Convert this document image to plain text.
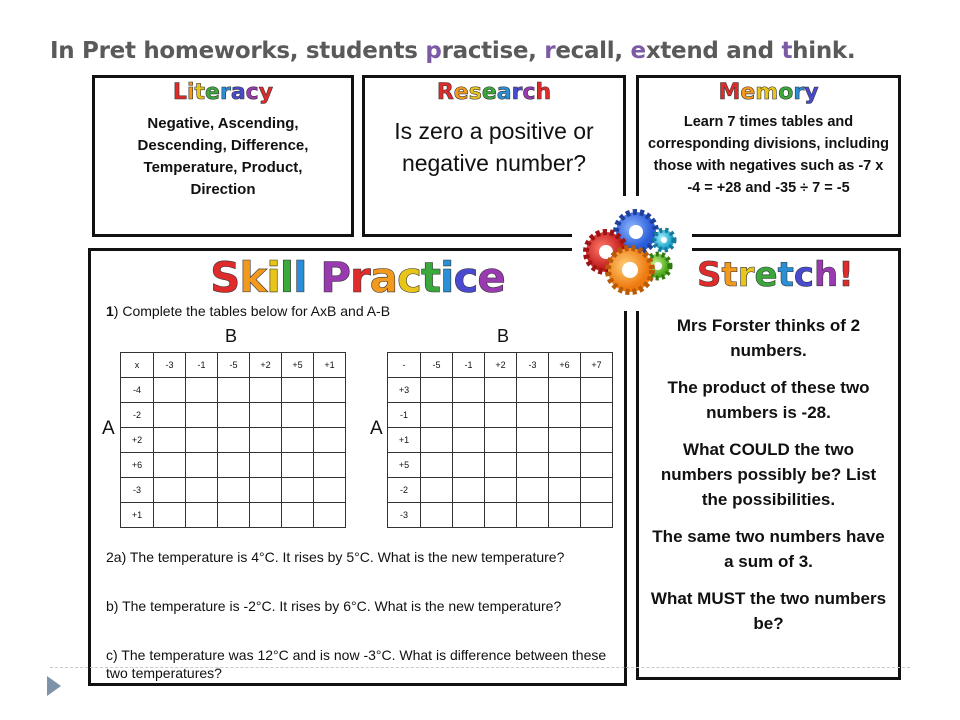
In Pret homeworks, students practise, recall, extend and think.
Literacy
Negative, Ascending, Descending, Difference, Temperature, Product, Direction
Research
Is zero a positive or negative number?
Memory
Learn 7 times tables and corresponding divisions, including those with negatives such as -7 x -4 = +28 and -35 ÷ 7 = -5
Skill Practice
1) Complete the tables below for AxB and A-B
B
A
x	-3	-1	-5	+2	+5	+1
-4						
-2						
+2						
+6						
-3						
+1						
B
A
-	-5	-1	+2	-3	+6	+7
+3						
-1						
+1						
+5						
-2						
-3						
2a) The temperature is 4°C. It rises by 5°C. What is the new temperature?
b) The temperature is -2°C. It rises by 6°C. What is the new temperature?
c) The temperature was 12°C and is now -3°C. What is difference between these two temperatures?
Stretch!

Mrs Forster thinks of 2 numbers.

The product of these two numbers is -28.

What COULD the two numbers possibly be? List the possibilities.

The same two numbers have a sum of 3.

What MUST the two numbers be?
